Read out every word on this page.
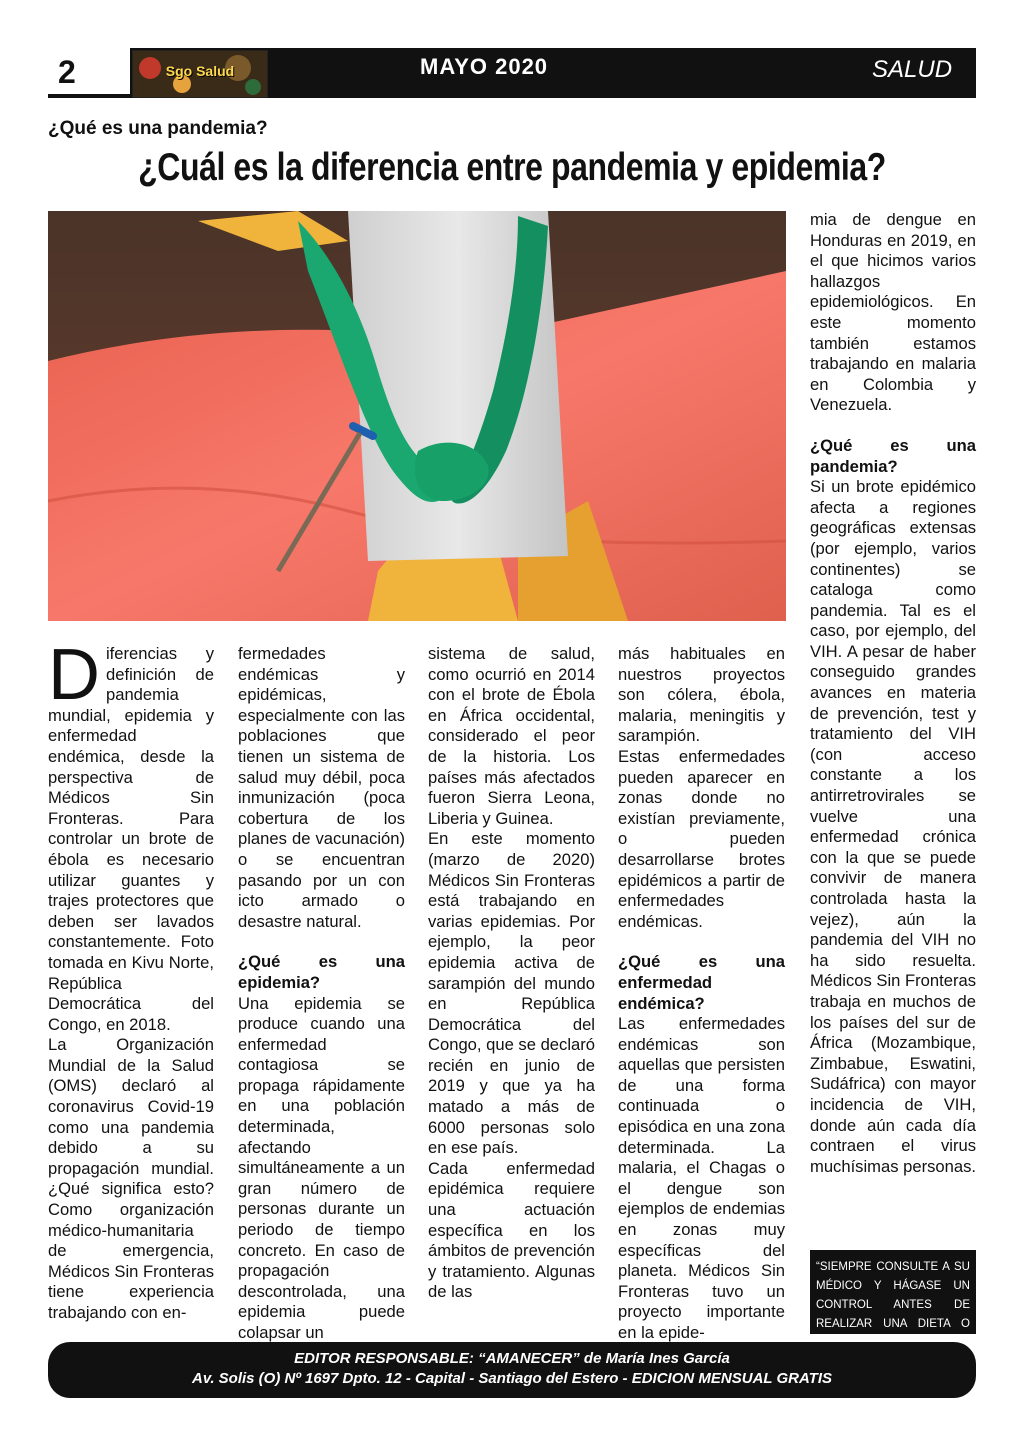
2	Sgo Salud	MAYO 2020	SALUD
¿Qué es una pandemia?
¿Cuál es la diferencia entre pandemia y epidemia?

Diferencias y definición de pandemia mundial, epidemia y enfermedad endémica, desde la perspectiva de Médicos Sin Fronteras. Para controlar un brote de ébola es necesario utilizar guantes y trajes protectores que deben ser lavados constantemente. Foto tomada en Kivu Norte, República Democrática del Congo, en 2018.

La Organización Mundial de la Salud (OMS) declaró al coronavirus Covid-19 como una pandemia debido a su propagación mundial. ¿Qué significa esto? Como organización médico-humanitaria de emergencia, Médicos Sin Fronteras tiene experiencia trabajando con en-

fermedades endémicas y epidémicas, especialmente con las poblaciones que tienen un sistema de salud muy débil, poca inmunización (poca cobertura de los planes de vacunación) o se encuentran pasando por un con icto armado o desastre natural.

¿Qué es una epidemia?

Una epidemia se produce cuando una enfermedad contagiosa se propaga rápidamente en una población determinada, afectando simultáneamente a un gran número de personas durante un periodo de tiempo concreto. En caso de propagación descontrolada, una epidemia puede colapsar un

sistema de salud, como ocurrió en 2014 con el brote de Ébola en África occidental, considerado el peor de la historia. Los países más afectados fueron Sierra Leona, Liberia y Guinea.

En este momento (marzo de 2020) Médicos Sin Fronteras está trabajando en varias epidemias. Por ejemplo, la peor epidemia activa de sarampión del mundo en República Democrática del Congo, que se declaró recién en junio de 2019 y que ya ha matado a más de 6000 personas solo en ese país.

Cada enfermedad epidémica requiere una actuación específica en los ámbitos de prevención y tratamiento. Algunas de las

más habituales en nuestros proyectos son cólera, ébola, malaria, meningitis y sarampión.

Estas enfermedades pueden aparecer en zonas donde no existían previamente, o pueden desarrollarse brotes epidémicos a partir de enfermedades endémicas.

¿Qué es una enfermedad endémica?

Las enfermedades endémicas son aquellas que persisten de una forma continuada o episódica en una zona determinada. La malaria, el Chagas o el dengue son ejemplos de endemias en zonas muy específicas del planeta. Médicos Sin Fronteras tuvo un proyecto importante en la epide-

mia de dengue en Honduras en 2019, en el que hicimos varios hallazgos epidemiológicos. En este momento también estamos trabajando en malaria en Colombia y Venezuela.

¿Qué es una pandemia?

Si un brote epidémico afecta a regiones geográficas extensas (por ejemplo, varios continentes) se cataloga como pandemia. Tal es el caso, por ejemplo, del VIH. A pesar de haber conseguido grandes avances en materia de prevención, test y tratamiento del VIH (con acceso constante a los antirretrovirales se vuelve una enfermedad crónica con la que se puede convivir de manera controlada hasta la vejez), aún la pandemia del VIH no ha sido resuelta. Médicos Sin Fronteras trabaja en muchos de los países del sur de África (Mozambique, Zimbabue, Eswatini, Sudáfrica) con mayor incidencia de VIH, donde aún cada día contraen el virus muchísimas personas.

“SIEMPRE CONSULTE A SU MÉDICO Y HÁGASE UN CONTROL ANTES DE REALIZAR UNA DIETA O

EDITOR RESPONSABLE: “AMANECER” de María Ines García

Av. Solis (O) Nº 1697 Dpto. 12 - Capital - Santiago del Estero - EDICION MENSUAL GRATIS
